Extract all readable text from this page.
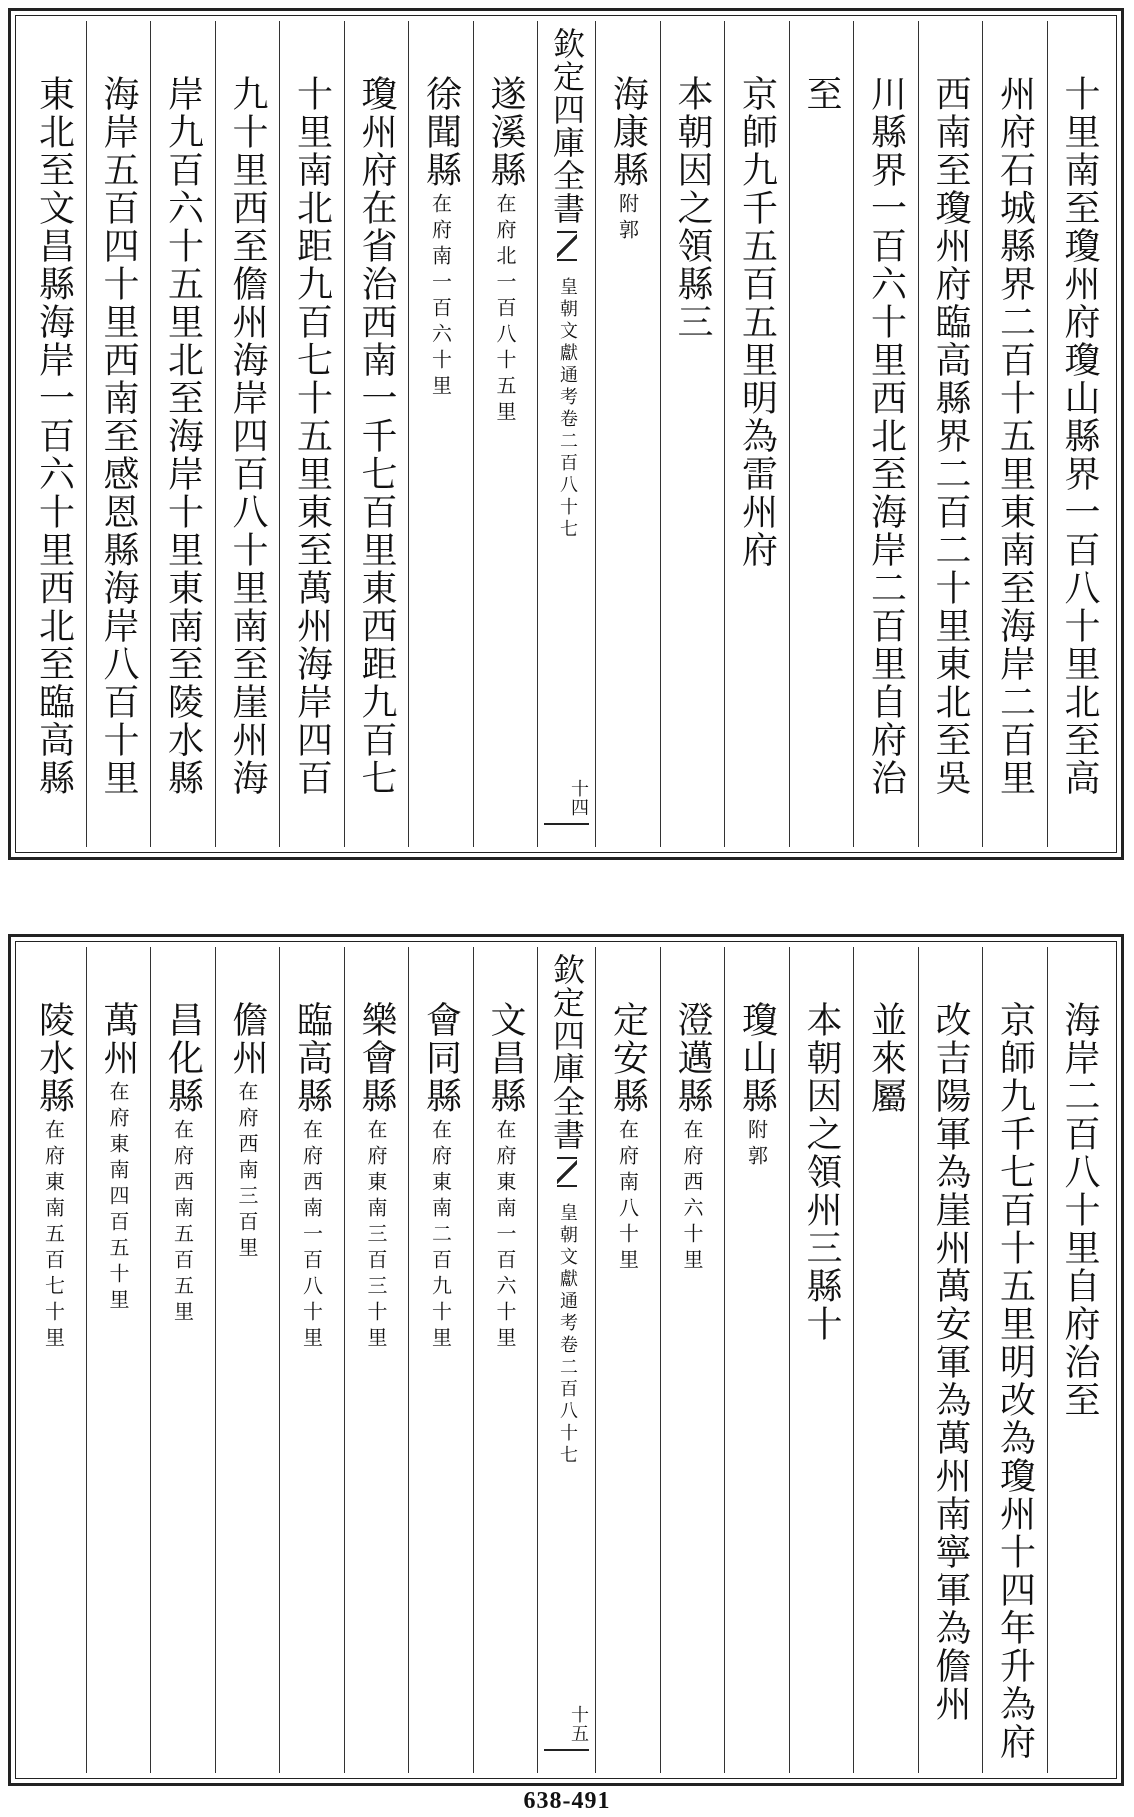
十里南至瓊州府瓊山縣界一百八十里北至高
州府石城縣界二百十五里東南至海岸二百里
西南至瓊州府臨高縣界二百二十里東北至吳
川縣界一百六十里西北至海岸二百里自府治
至
京師九千五百五里明為雷州府
本朝因之領縣三
海康縣附郭
欽定四庫全書皇朝文獻通考卷二百八十七
十四
遂溪縣在府北一百八十五里
徐聞縣在府南一百六十里
瓊州府在省治西南一千七百里東西距九百七
十里南北距九百七十五里東至萬州海岸四百
九十里西至儋州海岸四百八十里南至崖州海
岸九百六十五里北至海岸十里東南至陵水縣
海岸五百四十里西南至感恩縣海岸八百十里
東北至文昌縣海岸一百六十里西北至臨高縣
海岸二百八十里自府治至
京師九千七百十五里明改為瓊州十四年升為府
改吉陽軍為崖州萬安軍為萬州南寧軍為儋州
並來屬
本朝因之領州三縣十
瓊山縣附郭
澄邁縣在府西六十里
定安縣在府南八十里
欽定四庫全書皇朝文獻通考卷二百八十七
十五
文昌縣在府東南一百六十里
會同縣在府東南二百九十里
樂會縣在府東南三百三十里
臨高縣在府西南一百八十里
儋州在府西南三百里
昌化縣在府西南五百五里
萬州在府東南四百五十里
陵水縣在府東南五百七十里
638-491
